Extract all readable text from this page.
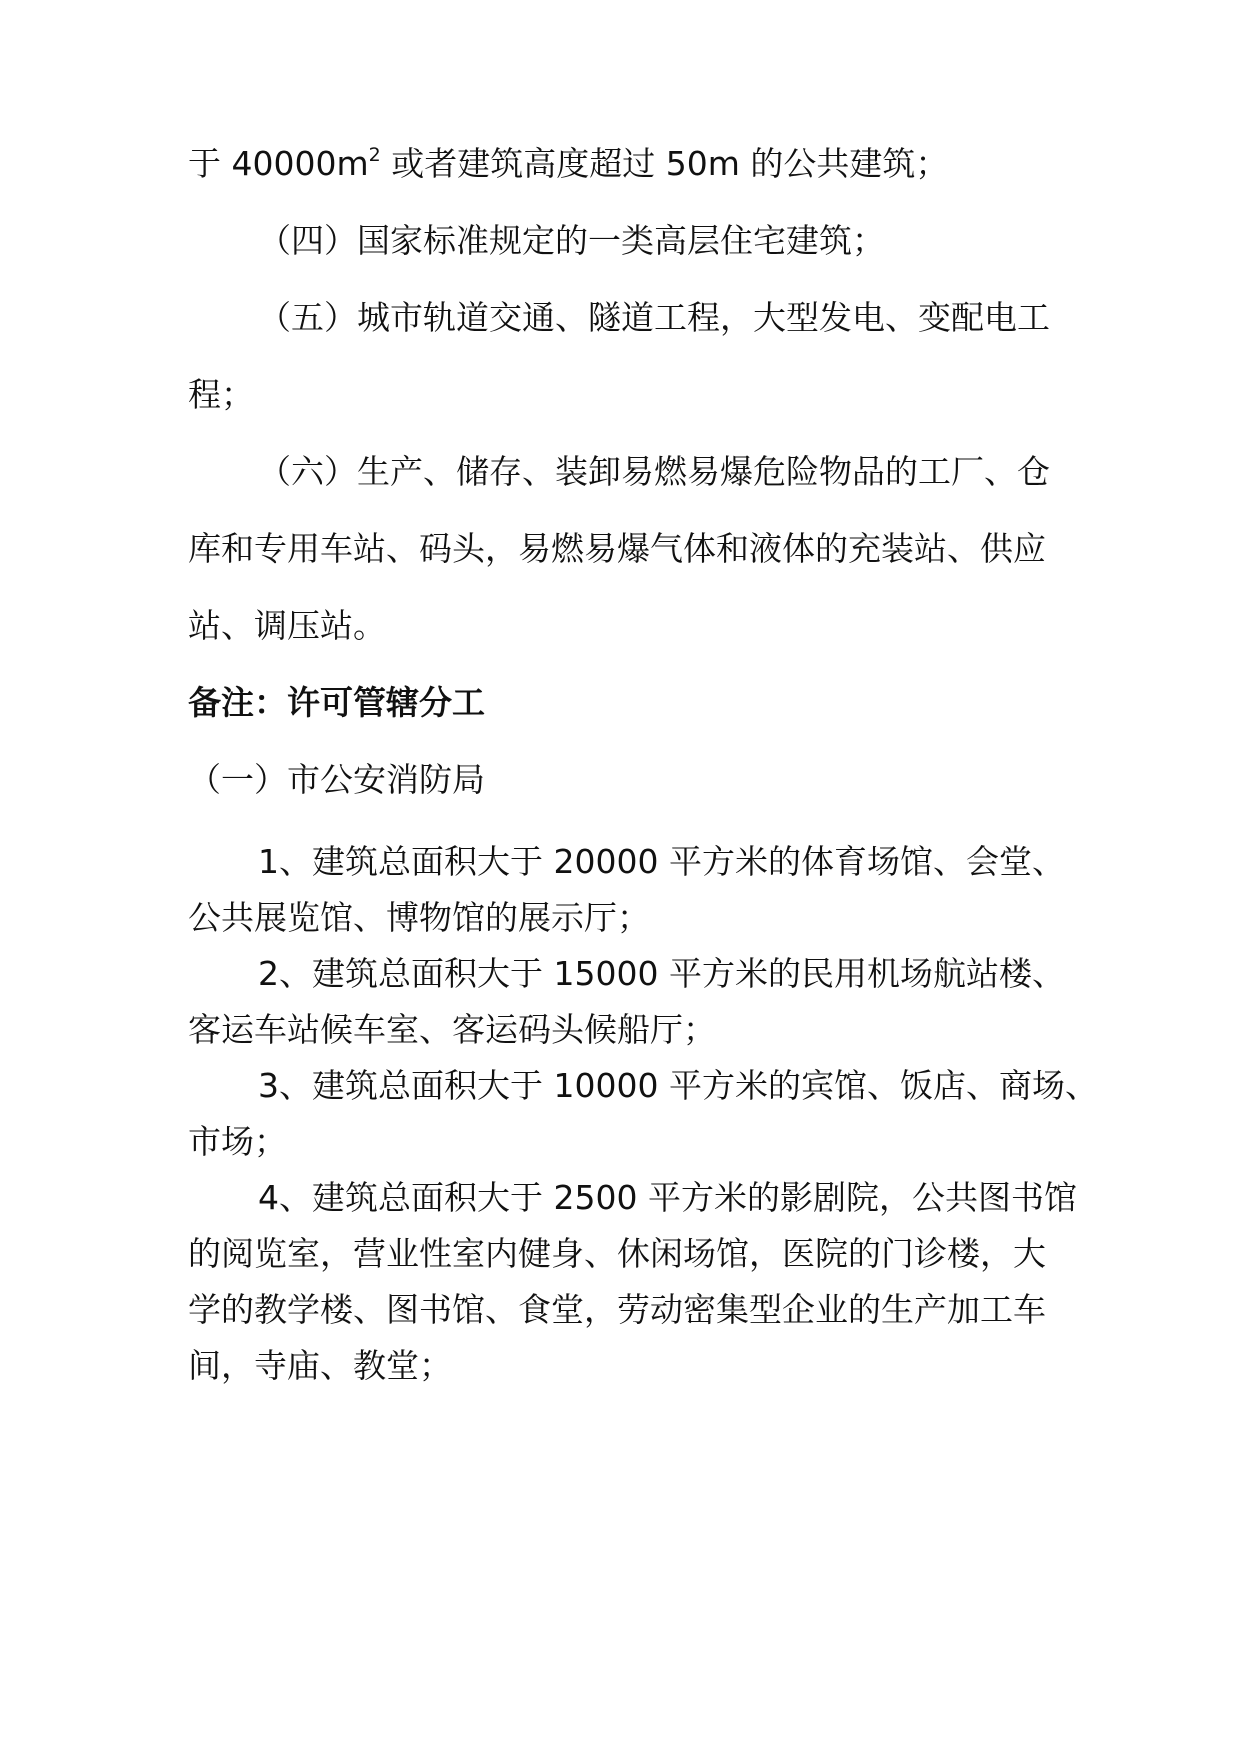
于 $40000m^2$ 或者建筑高度超过 50m 的公共建筑；
（四）国家标准规定的一类高层住宅建筑；
（五）城市轨道交通、隧道工程，大型发电、变配电工
程；
（六）生产、储存、装卸易燃易爆危险物品的工厂、仓
库和专用车站、码头，易燃易爆气体和液体的充装站、供应
站、调压站。
备注：许可管辖分工
（一）市公安消防局
1、建筑总面积大于 20000 平方米的体育场馆、会堂、
公共展览馆、博物馆的展示厅；
2、建筑总面积大于 15000 平方米的民用机场航站楼、
客运车站候车室、客运码头候船厅；
3、建筑总面积大于 10000 平方米的宾馆、饭店、商场、
市场；
4、建筑总面积大于 2500 平方米的影剧院，公共图书馆
的阅览室，营业性室内健身、休闲场馆，医院的门诊楼，大
学的教学楼、图书馆、食堂，劳动密集型企业的生产加工车
间，寺庙、教堂；
